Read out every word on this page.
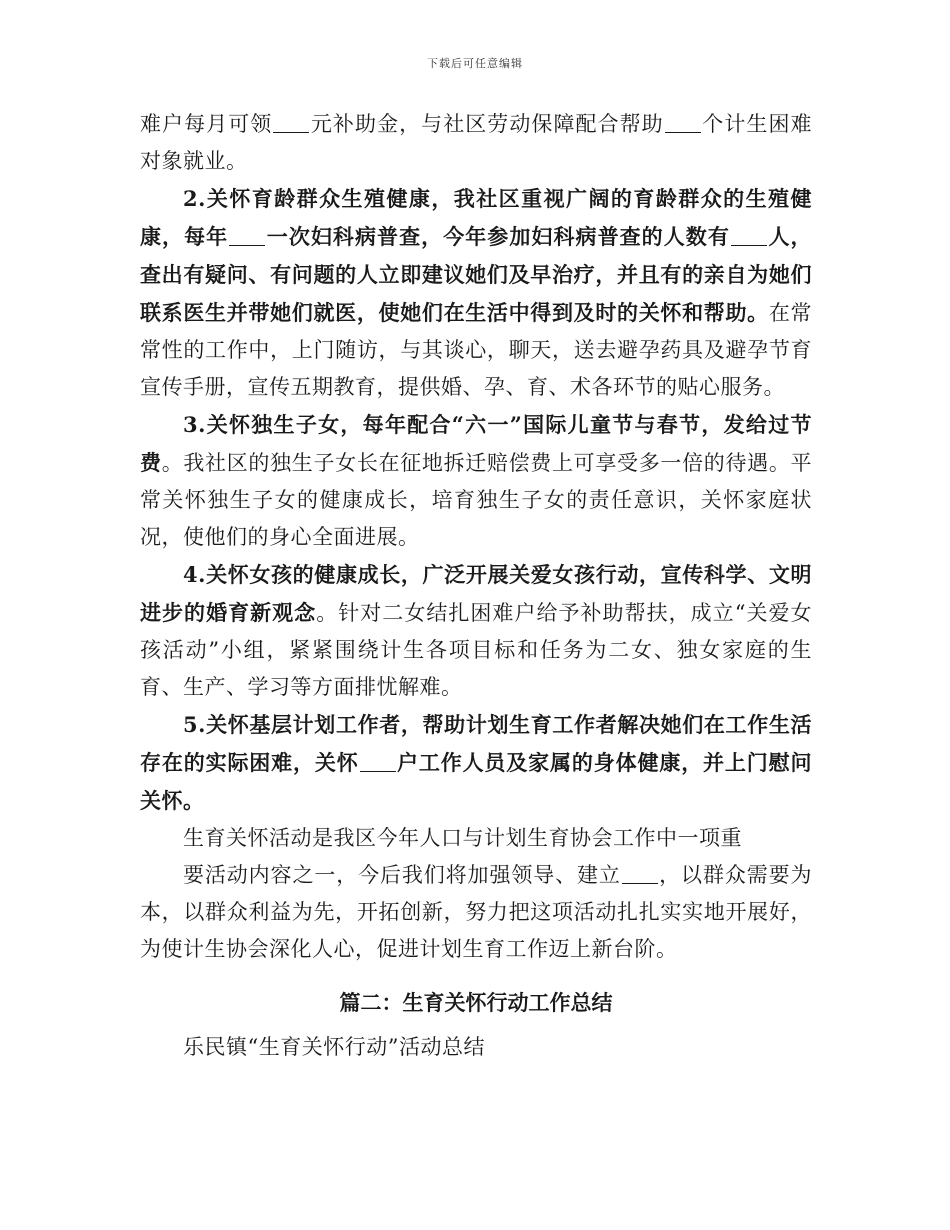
下载后可任意编辑

难户每月可领 元补助金，与社区劳动保障配合帮助 个计生困难对象就业。

2.关怀育龄群众生殖健康，我社区重视广阔的育龄群众的生殖健康，每年 一次妇科病普查，今年参加妇科病普查的人数有 人，查出有疑问、有问题的人立即建议她们及早治疗，并且有的亲自为她们联系医生并带她们就医，使她们在生活中得到及时的关怀和帮助。在常常性的工作中，上门随访，与其谈心，聊天，送去避孕药具及避孕节育宣传手册，宣传五期教育，提供婚、孕、育、术各环节的贴心服务。

3.关怀独生子女，每年配合“六一”国际儿童节与春节，发给过节费。我社区的独生子女长在征地拆迁赔偿费上可享受多一倍的待遇。平常关怀独生子女的健康成长，培育独生子女的责任意识，关怀家庭状况，使他们的身心全面进展。

4.关怀女孩的健康成长，广泛开展关爱女孩行动，宣传科学、文明进步的婚育新观念。针对二女结扎困难户给予补助帮扶，成立“关爱女孩活动”小组，紧紧围绕计生各项目标和任务为二女、独女家庭的生育、生产、学习等方面排忧解难。

5.关怀基层计划工作者，帮助计划生育工作者解决她们在工作生活存在的实际困难，关怀 户工作人员及家属的身体健康，并上门慰问关怀。

生育关怀活动是我区今年人口与计划生育协会工作中一项重

要活动内容之一，今后我们将加强领导、建立 ，以群众需要为本，以群众利益为先，开拓创新，努力把这项活动扎扎实实地开展好，为使计生协会深化人心，促进计划生育工作迈上新台阶。

篇二：生育关怀行动工作总结

乐民镇“生育关怀行动”活动总结
